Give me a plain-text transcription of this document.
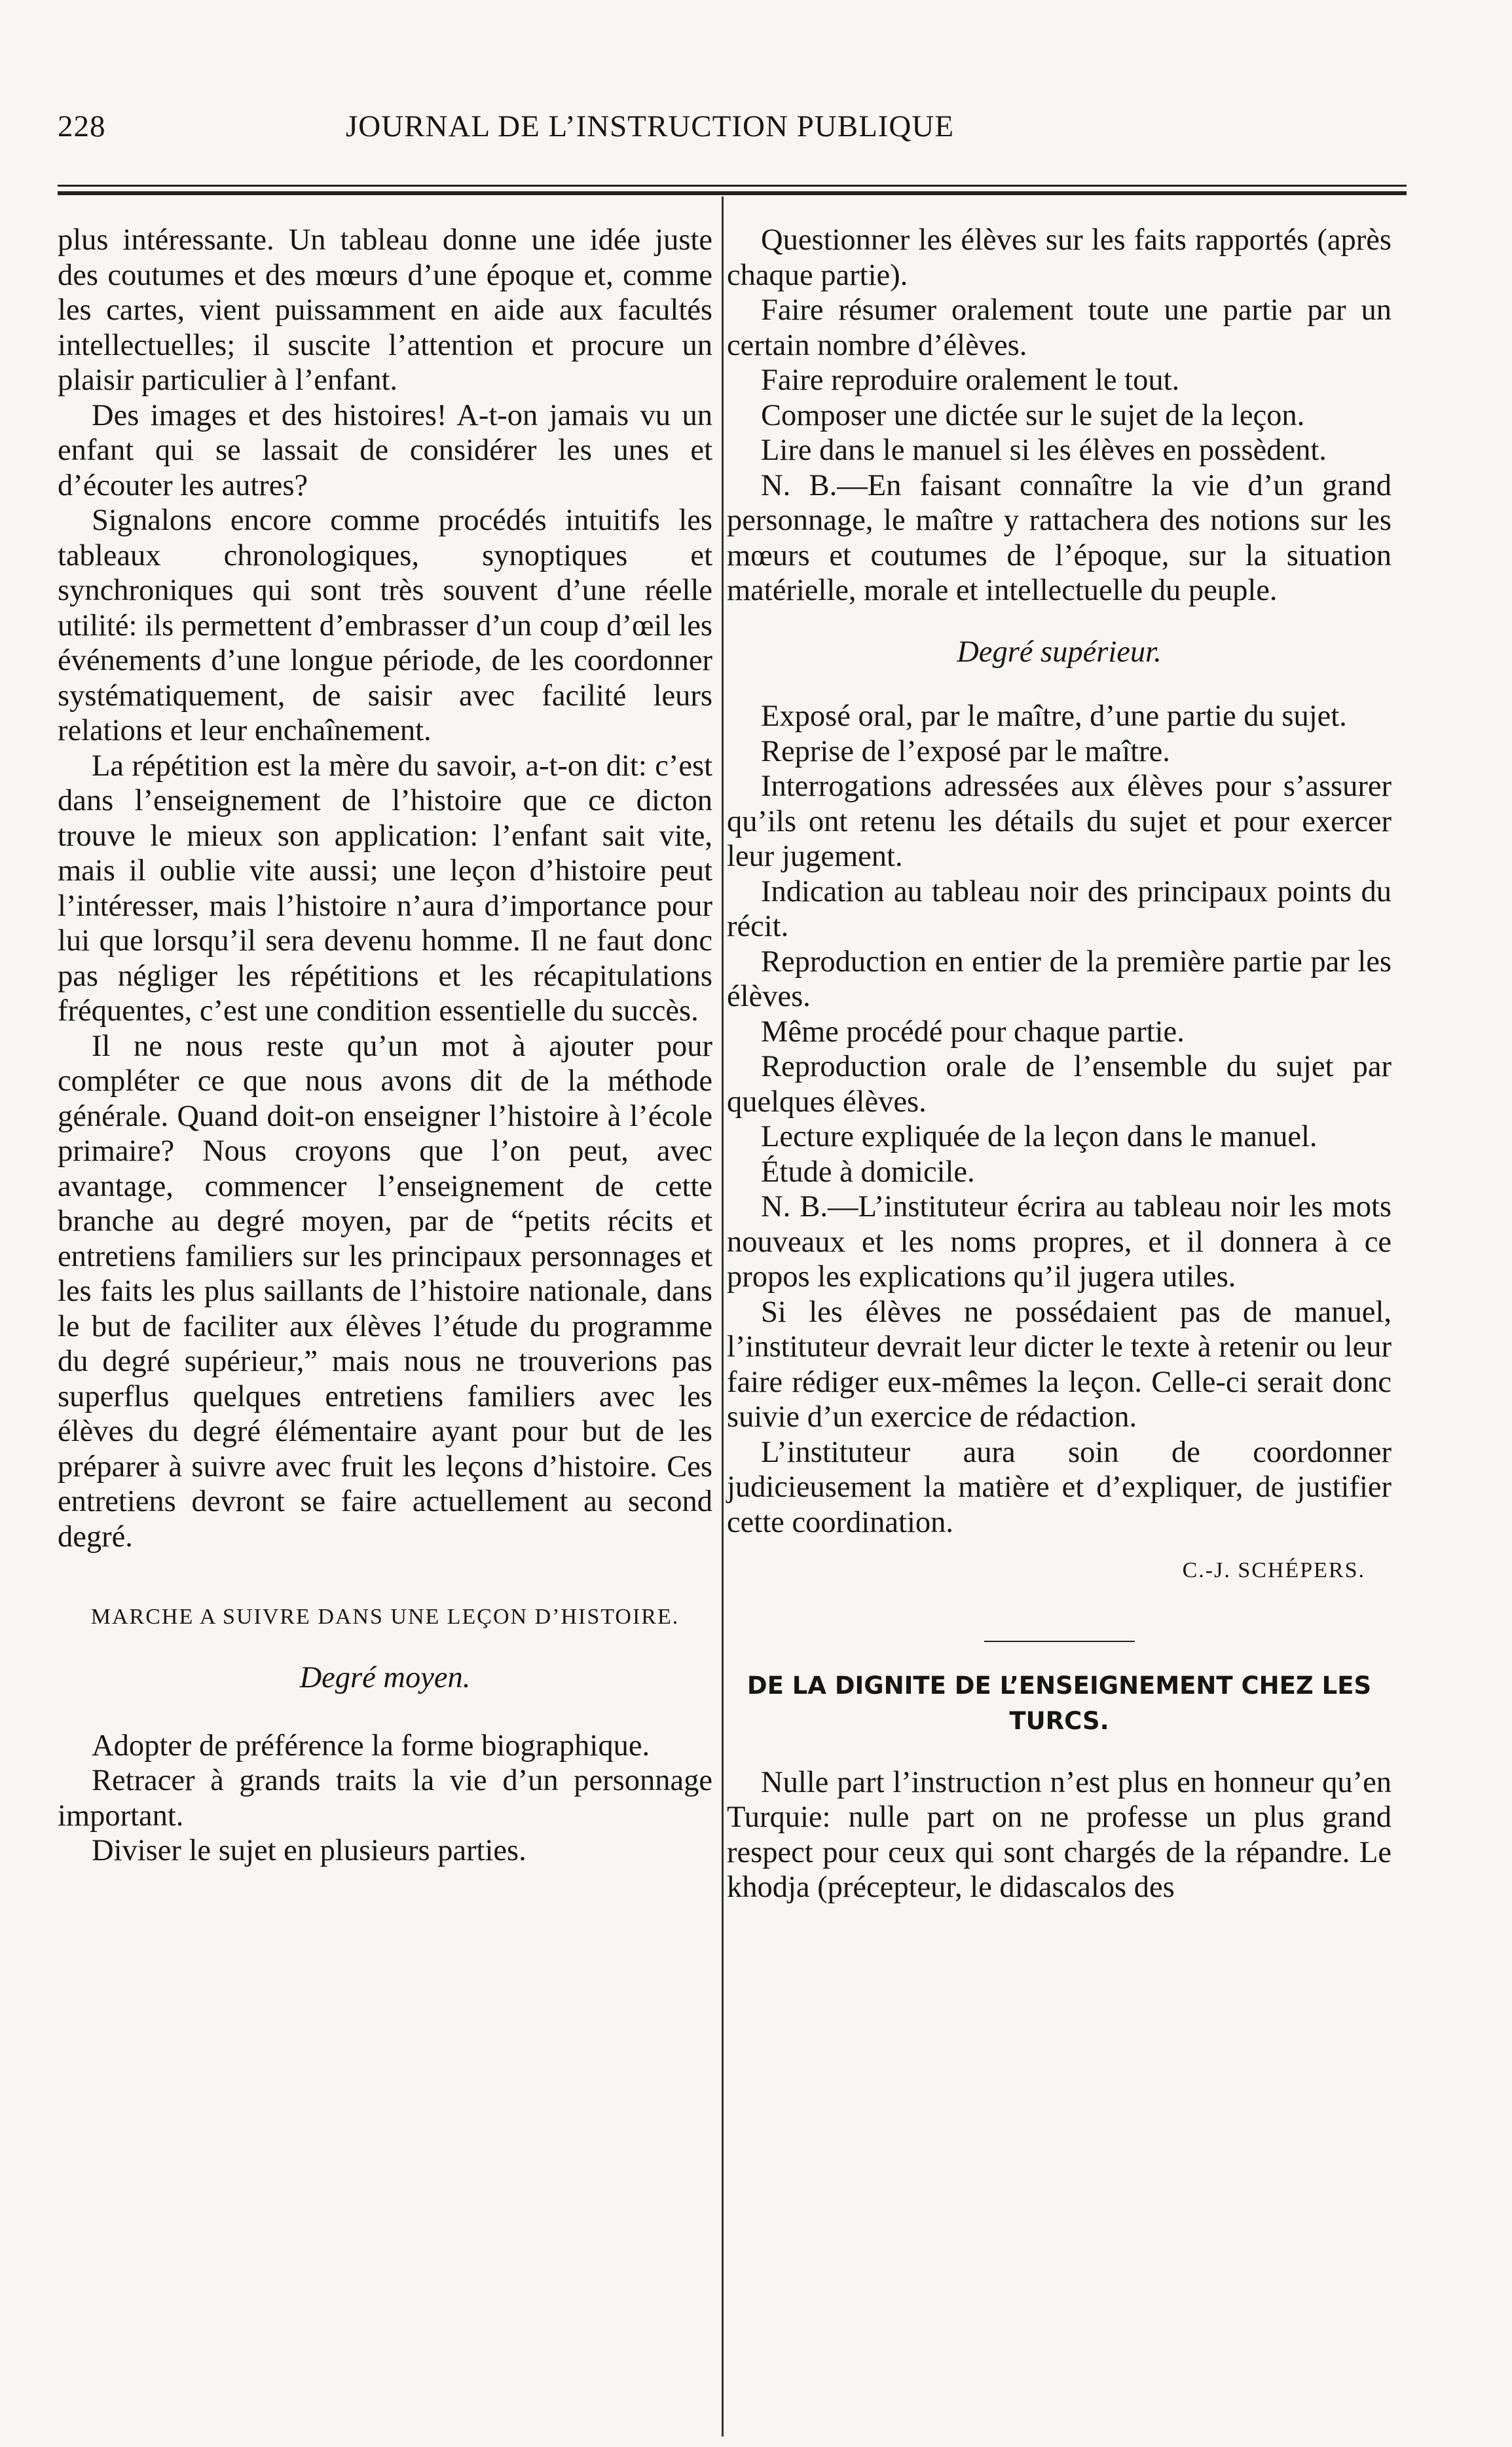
228	JOURNAL DE L’INSTRUCTION PUBLIQUE

plus intéressante. Un tableau donne une idée juste des coutumes et des mœurs d’une époque et, comme les cartes, vient puissamment en aide aux facultés intellectuelles; il suscite l’attention et procure un plaisir particulier à l’enfant.

Des images et des histoires! A-t-on jamais vu un enfant qui se lassait de considérer les unes et d’écouter les autres?

Signalons encore comme procédés intuitifs les tableaux chronologiques, synoptiques et synchroniques qui sont très souvent d’une réelle utilité: ils permettent d’embrasser d’un coup d’œil les événements d’une longue période, de les coordonner systématiquement, de saisir avec facilité leurs relations et leur enchaînement.

La répétition est la mère du savoir, a-t-on dit: c’est dans l’enseignement de l’histoire que ce dicton trouve le mieux son application: l’enfant sait vite, mais il oublie vite aussi; une leçon d’histoire peut l’intéresser, mais l’histoire n’aura d’importance pour lui que lorsqu’il sera devenu homme. Il ne faut donc pas négliger les répétitions et les récapitulations fréquentes, c’est une condition essentielle du succès.

Il ne nous reste qu’un mot à ajouter pour compléter ce que nous avons dit de la méthode générale. Quand doit-on enseigner l’histoire à l’école primaire? Nous croyons que l’on peut, avec avantage, commencer l’enseignement de cette branche au degré moyen, par de “petits récits et entretiens familiers sur les principaux personnages et les faits les plus saillants de l’histoire nationale, dans le but de faciliter aux élèves l’étude du programme du degré supérieur,” mais nous ne trouverions pas superflus quelques entretiens familiers avec les élèves du degré élémentaire ayant pour but de les préparer à suivre avec fruit les leçons d’histoire. Ces entretiens devront se faire actuellement au second degré.

MARCHE A SUIVRE DANS UNE LEÇON D’HISTOIRE.

Degré moyen.

Adopter de préférence la forme biographique.

Retracer à grands traits la vie d’un personnage important.

Diviser le sujet en plusieurs parties.

Questionner les élèves sur les faits rapportés (après chaque partie).

Faire résumer oralement toute une partie par un certain nombre d’élèves.

Faire reproduire oralement le tout.

Composer une dictée sur le sujet de la leçon.

Lire dans le manuel si les élèves en possèdent.

N. B.—En faisant connaître la vie d’un grand personnage, le maître y rattachera des notions sur les mœurs et coutumes de l’époque, sur la situation matérielle, morale et intellectuelle du peuple.

Degré supérieur.

Exposé oral, par le maître, d’une partie du sujet.

Reprise de l’exposé par le maître.

Interrogations adressées aux élèves pour s’assurer qu’ils ont retenu les détails du sujet et pour exercer leur jugement.

Indication au tableau noir des principaux points du récit.

Reproduction en entier de la première partie par les élèves.

Même procédé pour chaque partie.

Reproduction orale de l’ensemble du sujet par quelques élèves.

Lecture expliquée de la leçon dans le manuel.

Étude à domicile.

N. B.—L’instituteur écrira au tableau noir les mots nouveaux et les noms propres, et il donnera à ce propos les explications qu’il jugera utiles.

Si les élèves ne possédaient pas de manuel, l’instituteur devrait leur dicter le texte à retenir ou leur faire rédiger eux-mêmes la leçon. Celle-ci serait donc suivie d’un exercice de rédaction.

L’instituteur aura soin de coordonner judicieusement la matière et d’expliquer, de justifier cette coordination.

C.-J. SCHÉPERS.

DE LA DIGNITE DE L’ENSEIGNEMENT CHEZ LES TURCS.

Nulle part l’instruction n’est plus en honneur qu’en Turquie: nulle part on ne professe un plus grand respect pour ceux qui sont chargés de la répandre. Le khodja (précepteur, le didascalos des
